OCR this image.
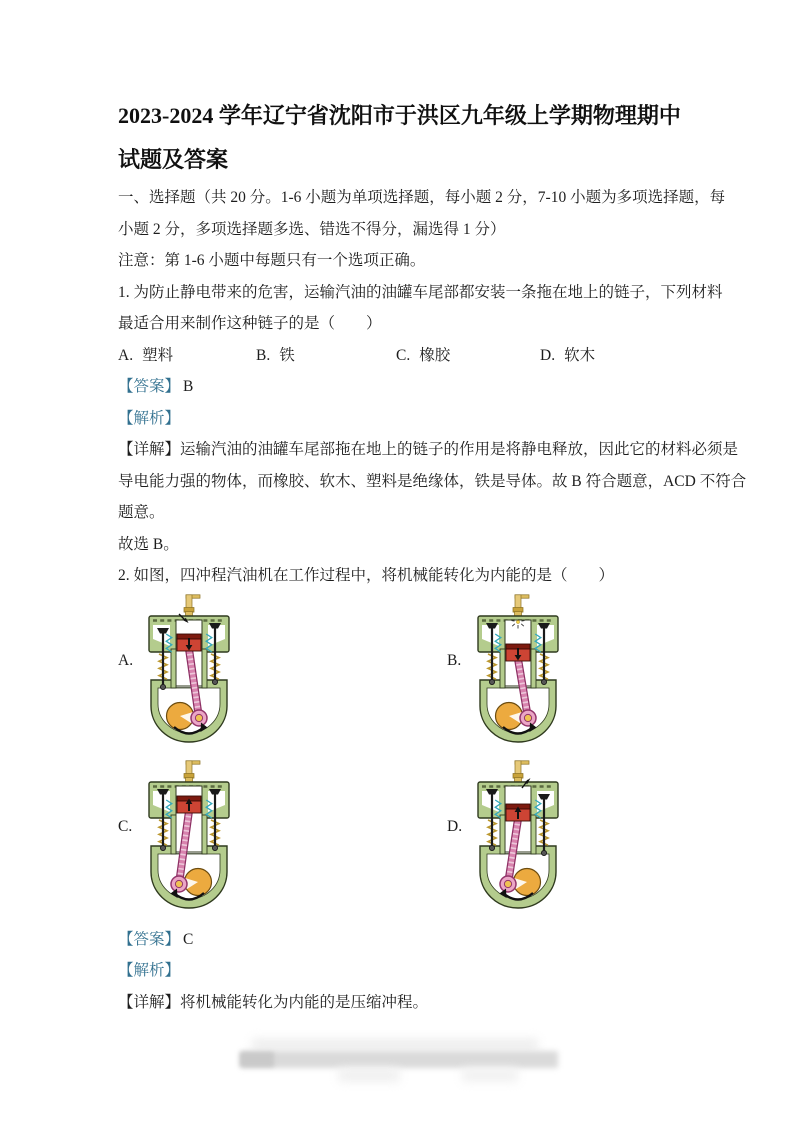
2023-2024 学年辽宁省沈阳市于洪区九年级上学期物理期中
试题及答案
一、选择题（共 20 分。1-6 小题为单项选择题，每小题 2 分，7-10 小题为多项选择题，每
小题 2 分，多项选择题多选、错选不得分，漏选得 1 分）
注意：第 1-6 小题中每题只有一个选项正确。
1. 为防止静电带来的危害，运输汽油的油罐车尾部都安装一条拖在地上的链子，下列材料
最适合用来制作这种链子的是（　　）
A. 塑料	B. 铁	C. 橡胶	D. 软木
【答案】 B
【解析】
【详解】运输汽油的油罐车尾部拖在地上的链子的作用是将静电释放，因此它的材料必须是
导电能力强的物体，而橡胶、软木、塑料是绝缘体，铁是导体。故 B 符合题意，ACD 不符合
题意。
故选 B。
2. 如图，四冲程汽油机在工作过程中，将机械能转化为内能的是（　　）
A.	B.
C.	D.
【答案】 C
【解析】
【详解】将机械能转化为内能的是压缩冲程。
